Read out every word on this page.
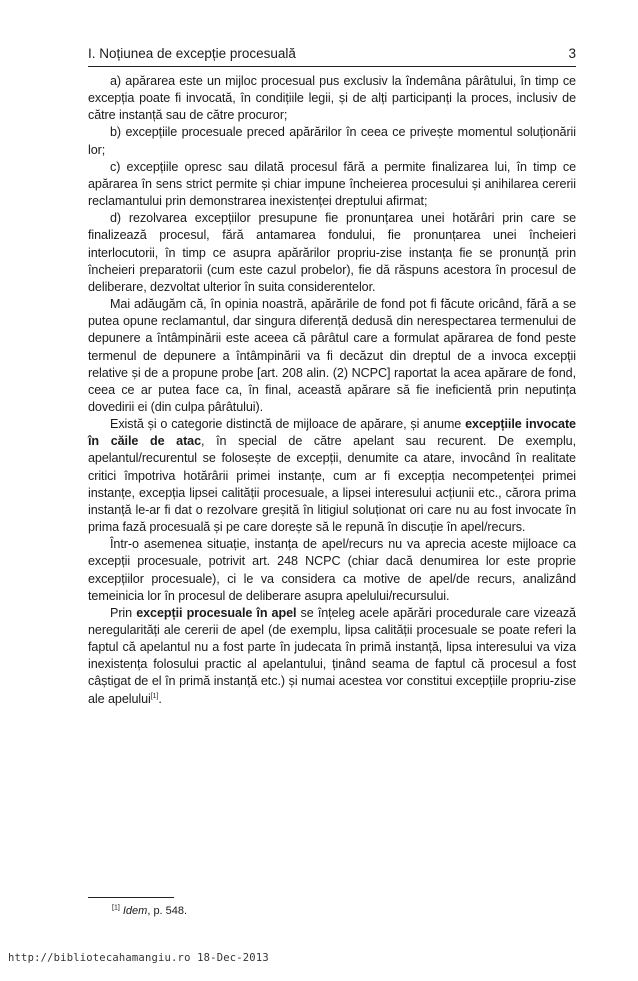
I. Noțiunea de excepție procesuală	3

a) apărarea este un mijloc procesual pus exclusiv la îndemâna pârâtului, în timp ce excepția poate fi invocată, în condițiile legii, și de alți participanți la proces, inclusiv de către instanță sau de către procuror;

b) excepțiile procesuale preced apărărilor în ceea ce privește momentul soluționării lor;

c) excepțiile opresc sau dilată procesul fără a permite finalizarea lui, în timp ce apărarea în sens strict permite și chiar impune încheierea procesului și anihilarea cererii reclamantului prin demonstrarea inexistenței dreptului afirmat;

d) rezolvarea excepțiilor presupune fie pronunțarea unei hotărâri prin care se finalizează procesul, fără antamarea fondului, fie pronunțarea unei încheieri interlocutorii, în timp ce asupra apărărilor propriu-zise instanța fie se pronunță prin încheieri preparatorii (cum este cazul probelor), fie dă răspuns acestora în procesul de deliberare, dezvoltat ulterior în suita considerentelor.

Mai adăugăm că, în opinia noastră, apărările de fond pot fi făcute oricând, fără a se putea opune reclamantul, dar singura diferență dedusă din nerespectarea termenului de depunere a întâmpinării este aceea că pârâtul care a formulat apărarea de fond peste termenul de depunere a întâmpinării va fi decăzut din dreptul de a invoca excepții relative și de a propune probe [art. 208 alin. (2) NCPC] raportat la acea apărare de fond, ceea ce ar putea face ca, în final, această apărare să fie ineficientă prin neputința dovedirii ei (din culpa pârâtului).

Există și o categorie distinctă de mijloace de apărare, și anume excepțiile invocate în căile de atac, în special de către apelant sau recurent. De exemplu, apelantul/recurentul se folosește de excepții, denumite ca atare, invocând în realitate critici împotriva hotărârii primei instanțe, cum ar fi excepția necompetenței primei instanțe, excepția lipsei calității procesuale, a lipsei interesului acțiunii etc., cărora prima instanță le-ar fi dat o rezolvare greșită în litigiul soluționat ori care nu au fost invocate în prima fază procesuală și pe care dorește să le repună în discuție în apel/recurs.

Într-o asemenea situație, instanța de apel/recurs nu va aprecia aceste mijloace ca excepții procesuale, potrivit art. 248 NCPC (chiar dacă denumirea lor este proprie excepțiilor procesuale), ci le va considera ca motive de apel/de recurs, analizând temeinicia lor în procesul de deliberare asupra apelului/recursului.

Prin excepții procesuale în apel se înțeleg acele apărări procedurale care vizează neregularități ale cererii de apel (de exemplu, lipsa calității procesuale se poate referi la faptul că apelantul nu a fost parte în judecata în primă instanță, lipsa interesului va viza inexistența folosului practic al apelantului, ținând seama de faptul că procesul a fost câștigat de el în primă instanță etc.) și numai acestea vor constitui excepțiile propriu-zise ale apelului[1].

[1] Idem, p. 548.
http://bibliotecahamangiu.ro 18-Dec-2013
